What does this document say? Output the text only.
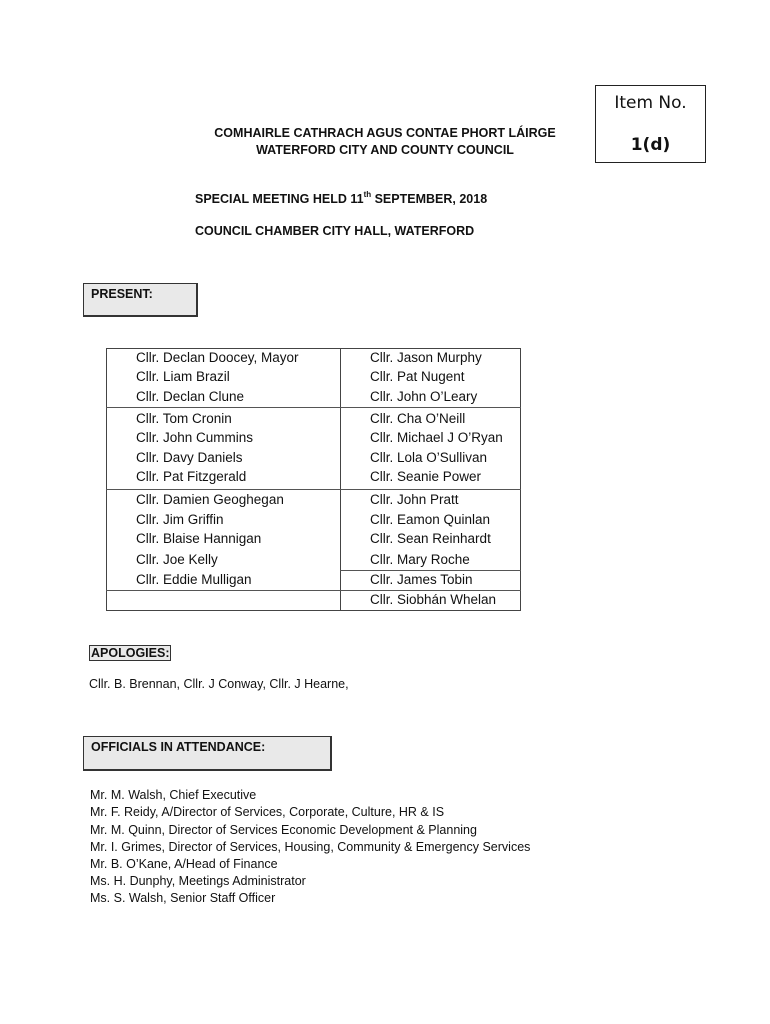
Item No.
1(d)
COMHAIRLE CATHRACH AGUS CONTAE PHORT LÁIRGE
WATERFORD CITY AND COUNTY COUNCIL
SPECIAL MEETING HELD 11th SEPTEMBER, 2018
COUNCIL CHAMBER CITY HALL, WATERFORD
PRESENT:
Cllr. Declan Doocey, Mayor
Cllr. Liam Brazil
Cllr. Declan Clune
Cllr. Tom Cronin
Cllr. John Cummins
Cllr. Davy Daniels
Cllr. Pat Fitzgerald
Cllr. Damien Geoghegan
Cllr. Jim Griffin
Cllr. Blaise Hannigan
Cllr. Joe Kelly
Cllr. Eddie Mulligan
Cllr. Jason Murphy
Cllr. Pat Nugent
Cllr. John O’Leary
Cllr. Cha O’Neill
Cllr. Michael J O’Ryan
Cllr. Lola O’Sullivan
Cllr. Seanie Power
Cllr. John Pratt
Cllr. Eamon Quinlan
Cllr. Sean Reinhardt
Cllr. Mary Roche
Cllr. James Tobin
Cllr. Siobhán Whelan
APOLOGIES:
Cllr. B. Brennan, Cllr. J Conway, Cllr. J Hearne,
OFFICIALS IN ATTENDANCE:
Mr. M. Walsh, Chief Executive
Mr. F. Reidy, A/Director of Services, Corporate, Culture, HR & IS
Mr. M. Quinn, Director of Services Economic Development & Planning
Mr. I. Grimes, Director of Services, Housing, Community & Emergency Services
Mr. B. O’Kane, A/Head of Finance
Ms. H. Dunphy, Meetings Administrator
Ms. S. Walsh, Senior Staff Officer
